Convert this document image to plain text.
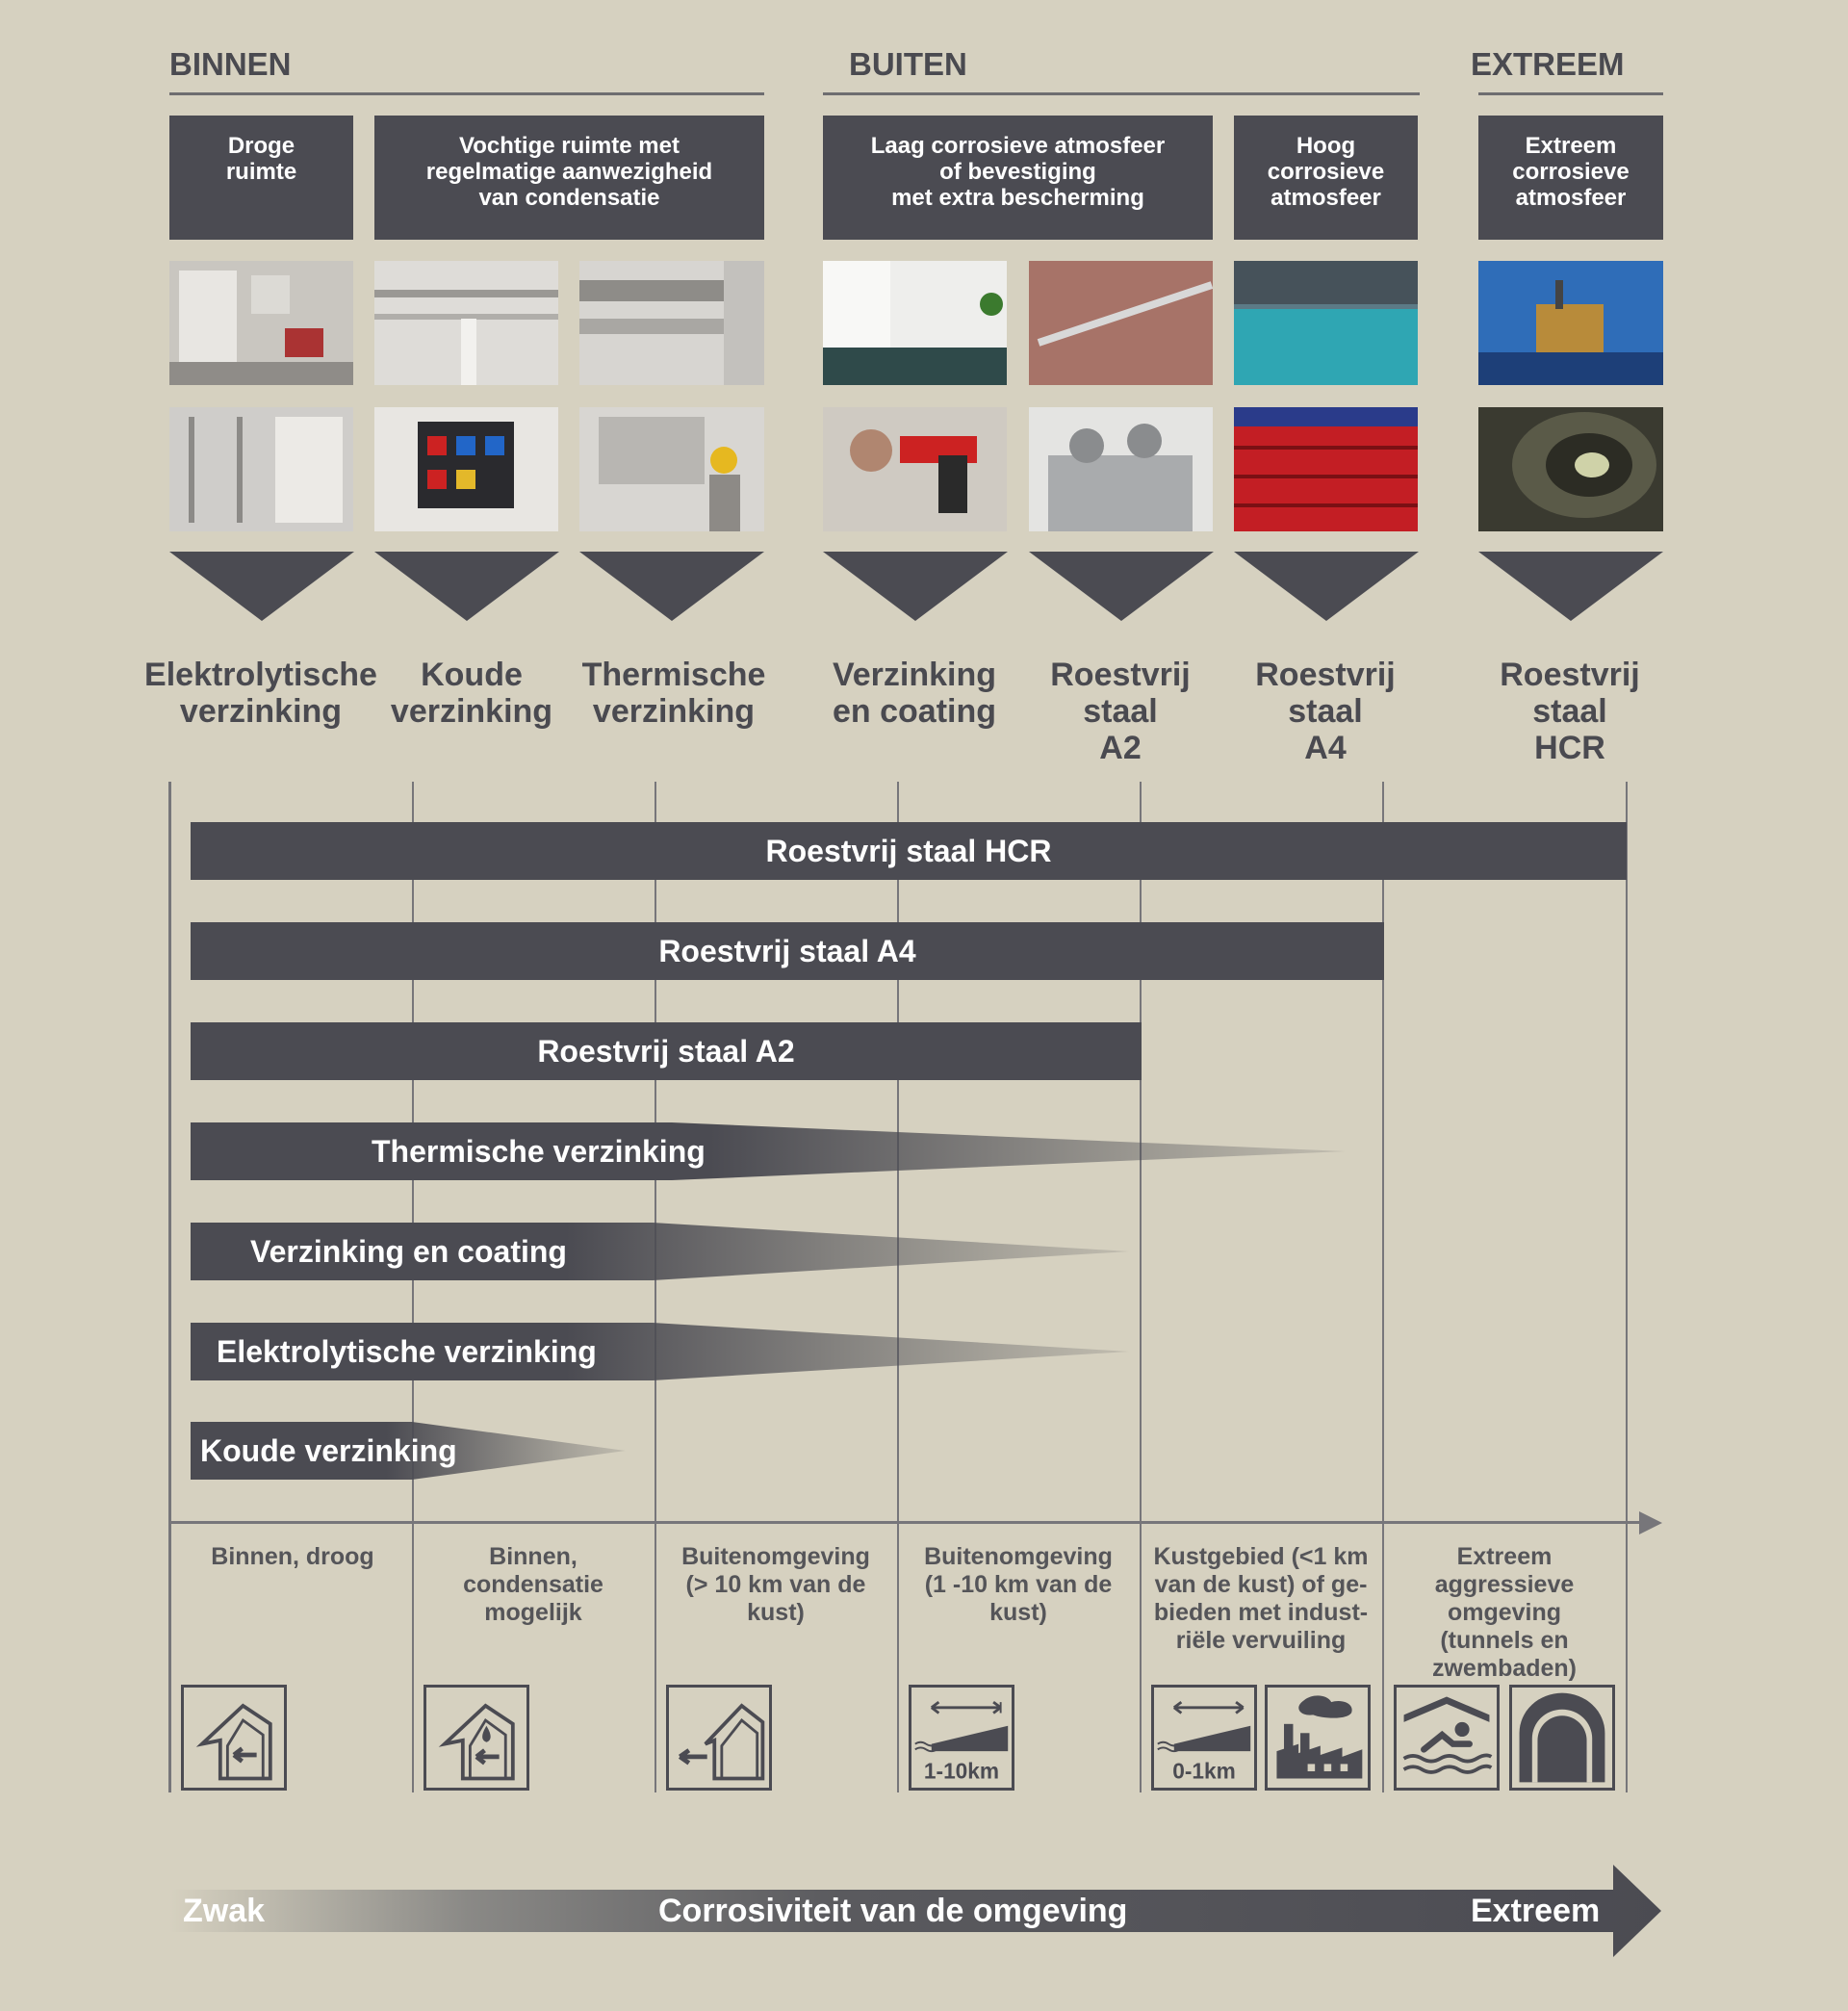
BINNEN	BUITEN	EXTREEM
Droge
ruimte
Vochtige ruimte met
regelmatige aanwezigheid
van condensatie
Laag corrosieve atmosfeer
of bevestiging
met extra bescherming
Hoog
corrosieve
atmosfeer
Extreem
corrosieve
atmosfeer
Elektrolytische
verzinking
Koude
verzinking
Thermische
verzinking
Verzinking
en coating
Roestvrij
staal
A2
Roestvrij
staal
A4
Roestvrij
staal
HCR
Roestvrij staal HCR
Roestvrij staal A4
Roestvrij staal A2
Thermische verzinking
Verzinking en coating
Elektrolytische verzinking
Koude verzinking
Binnen, droog	Binnen,
condensatie
mogelijk
Buitenomgeving
(> 10 km van de
kust)
Buitenomgeving
(1 -10 km van de
kust)
Kustgebied (<1 km
van de kust) of ge-
bieden met indust-
riële vervuiling
Extreem
aggressieve
omgeving
(tunnels en
zwembaden)
1-10km	0-1km
Zwak	Corrosiviteit van de omgeving	Extreem
